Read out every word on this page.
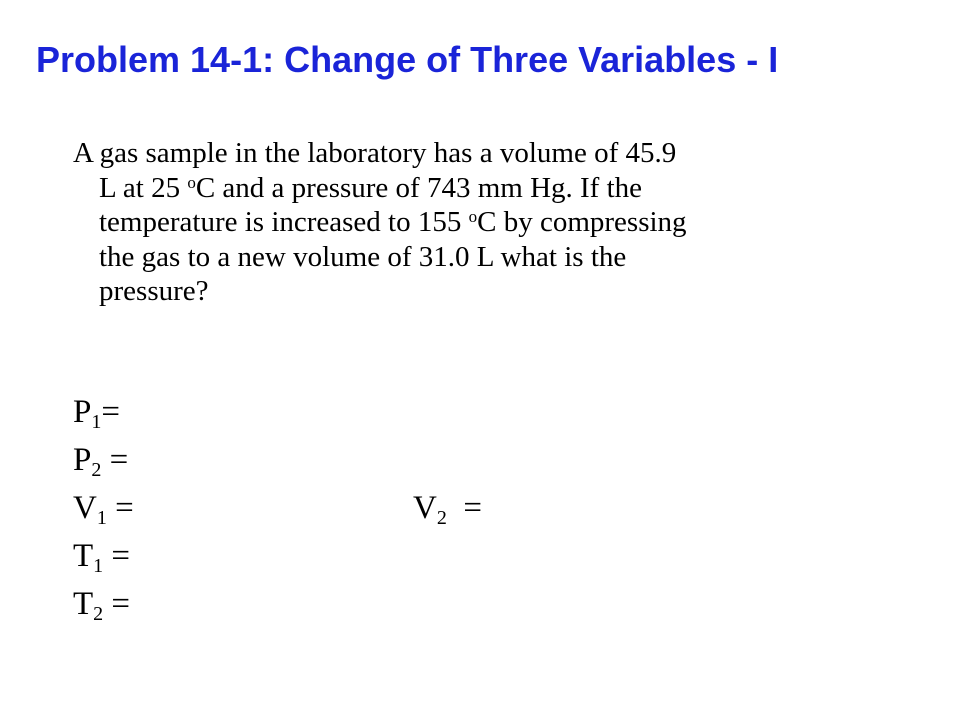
Problem 14-1: Change of Three Variables - I
A gas sample in the laboratory has a volume of 45.9
L at 25 $^o$C and a pressure of 743 mm Hg. If the
temperature is increased to 155 $^o$C by compressing
the gas to a new volume of 31.0 L what is the
pressure?
$P_1=$
$P_2$ =
$V_1$ =	$V_2$  =
$T_1$ =
$T_2$ =
